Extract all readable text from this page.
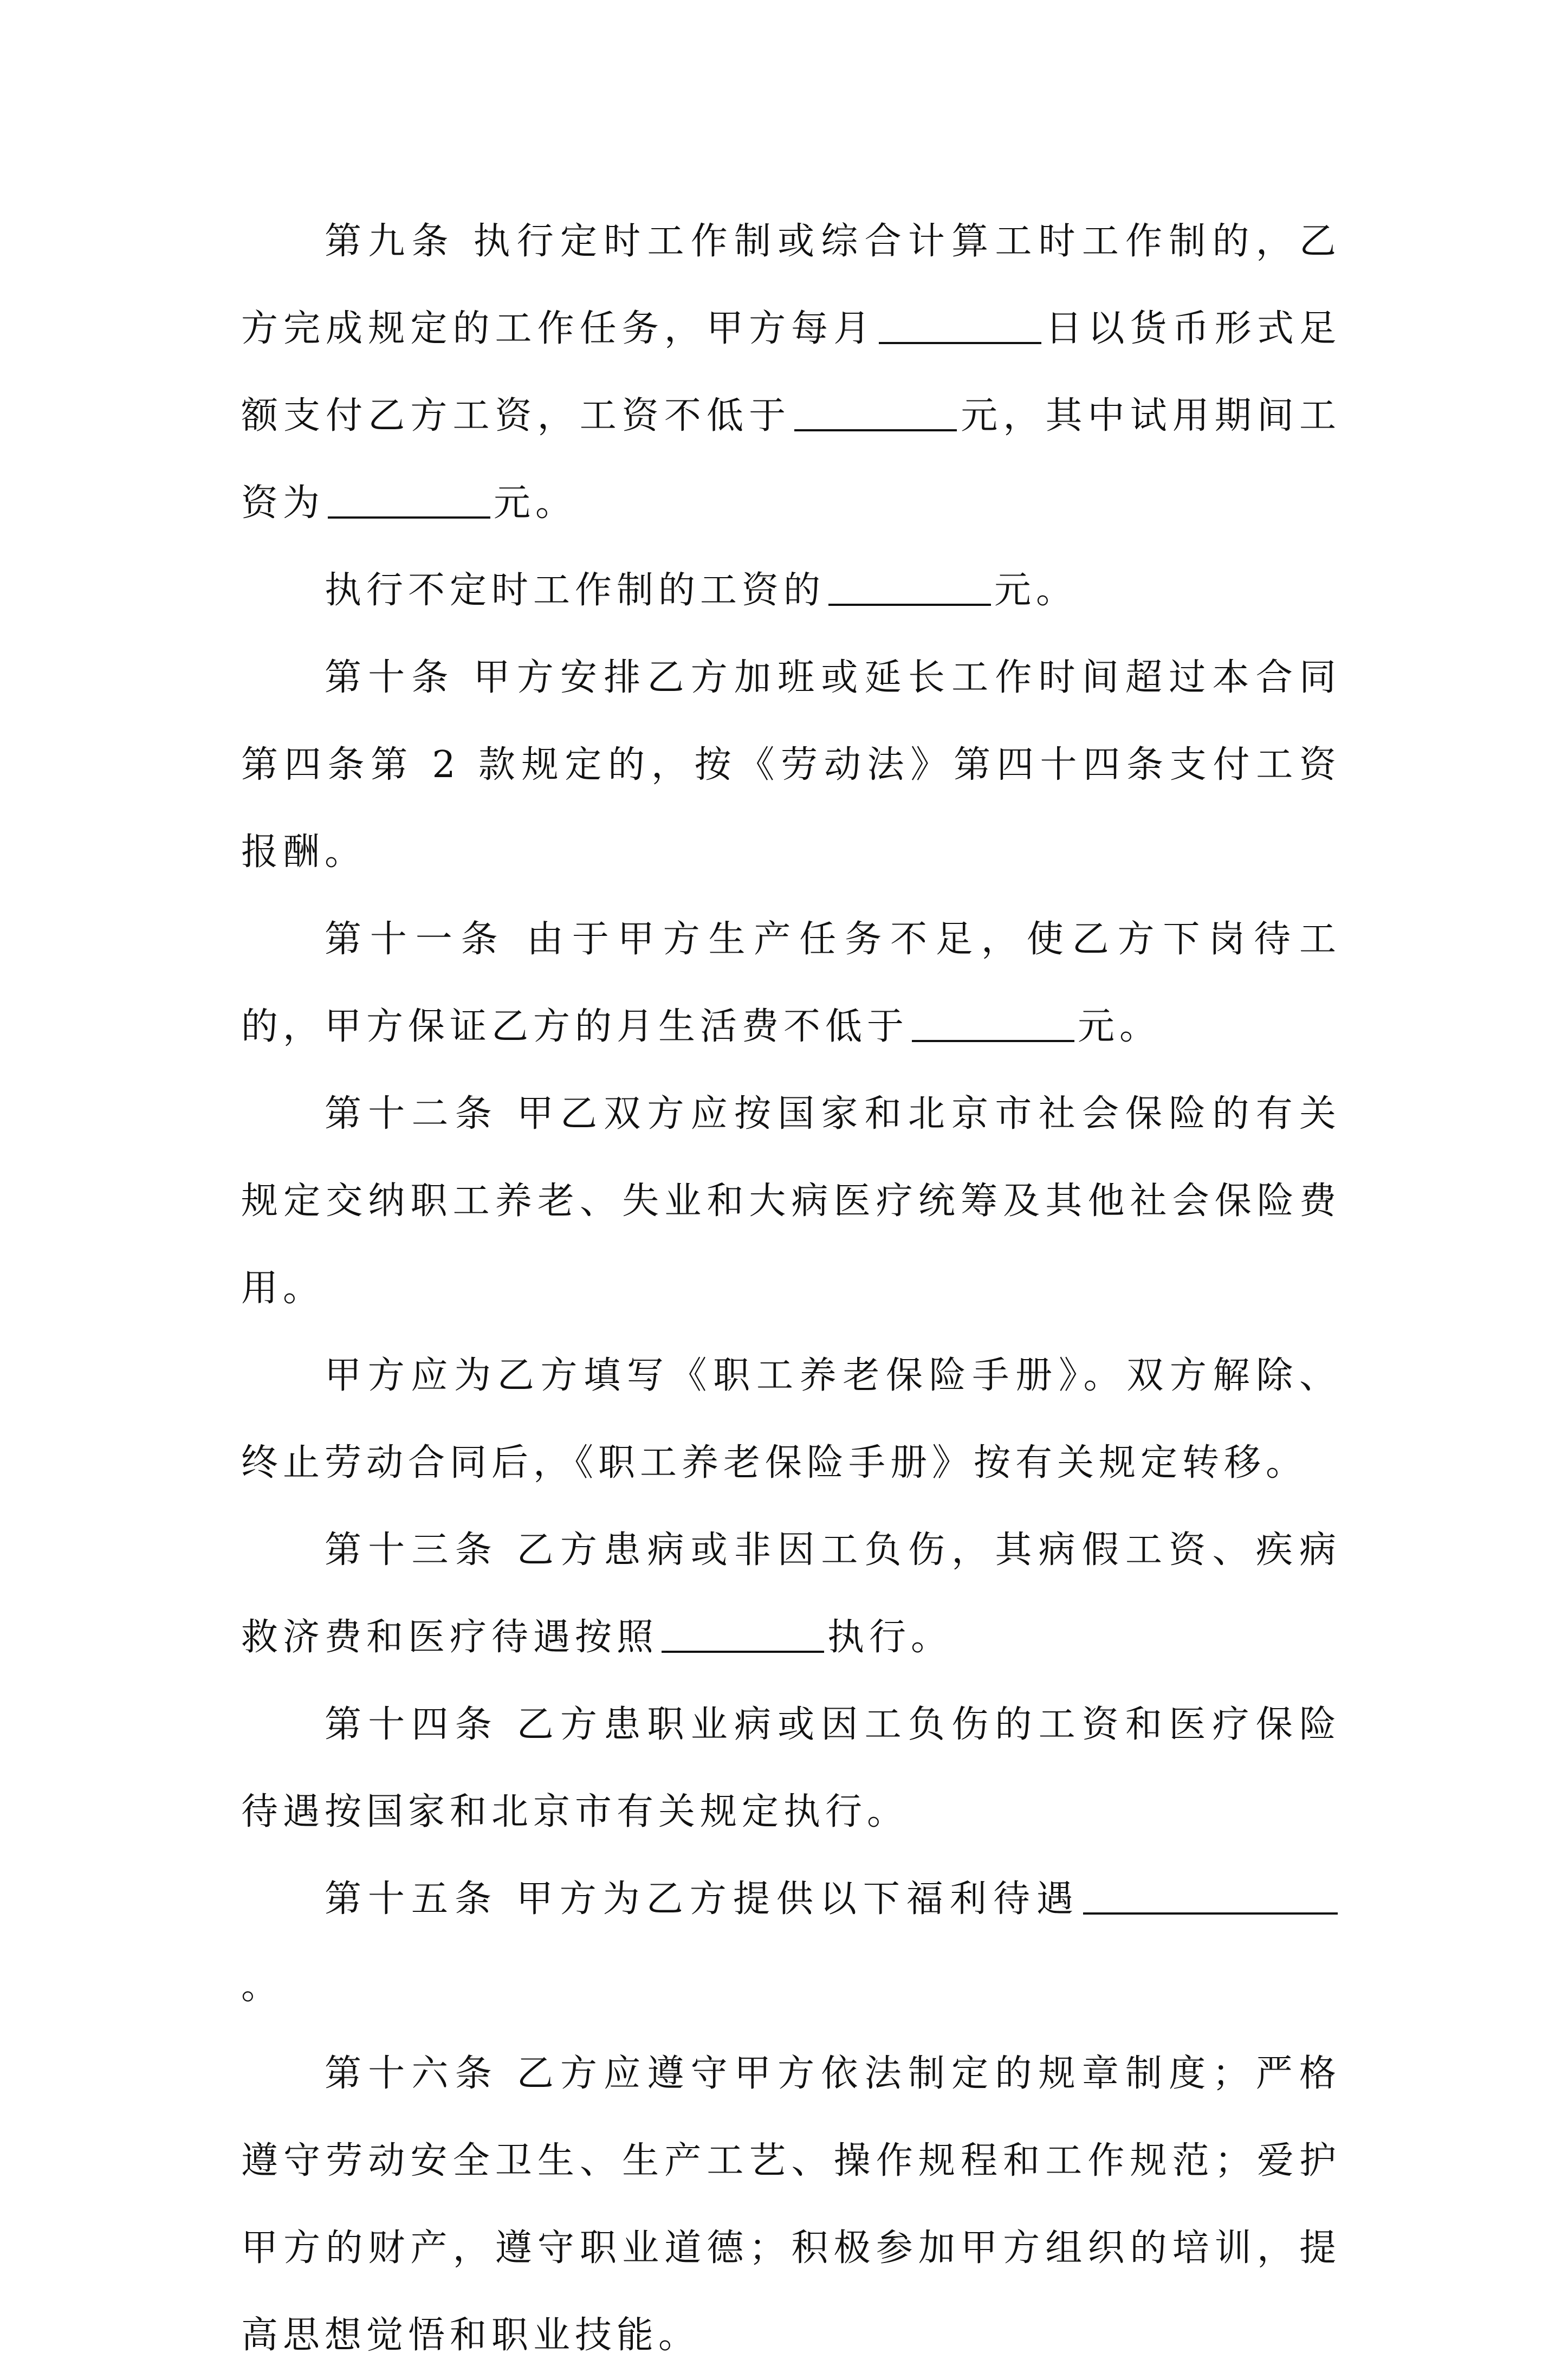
第九条 执行定时工作制或综合计算工时工作制的，乙方完成规定的工作任务，甲方每月	日以货币形式足额支付乙方工资，工资不低于	元，其中试用期间工资为	元。

执行不定时工作制的工资的	元。

第十条 甲方安排乙方加班或延长工作时间超过本合同第四条第 2 款规定的，按《劳动法》第四十四条支付工资报酬。

第十一条 由于甲方生产任务不足，使乙方下岗待工的，甲方保证乙方的月生活费不低于	元。

第十二条 甲乙双方应按国家和北京市社会保险的有关规定交纳职工养老、失业和大病医疗统筹及其他社会保险费用。

甲方应为乙方填写《职工养老保险手册》。双方解除、终止劳动合同后，《职工养老保险手册》按有关规定转移。

第十三条 乙方患病或非因工负伤，其病假工资、疾病救济费和医疗待遇按照	执行。

第十四条 乙方患职业病或因工负伤的工资和医疗保险待遇按国家和北京市有关规定执行。

第十五条 甲方为乙方提供以下福利待遇。

第十六条 乙方应遵守甲方依法制定的规章制度；严格遵守劳动安全卫生、生产工艺、操作规程和工作规范；爱护甲方的财产，遵守职业道德；积极参加甲方组织的培训，提高思想觉悟和职业技能。
